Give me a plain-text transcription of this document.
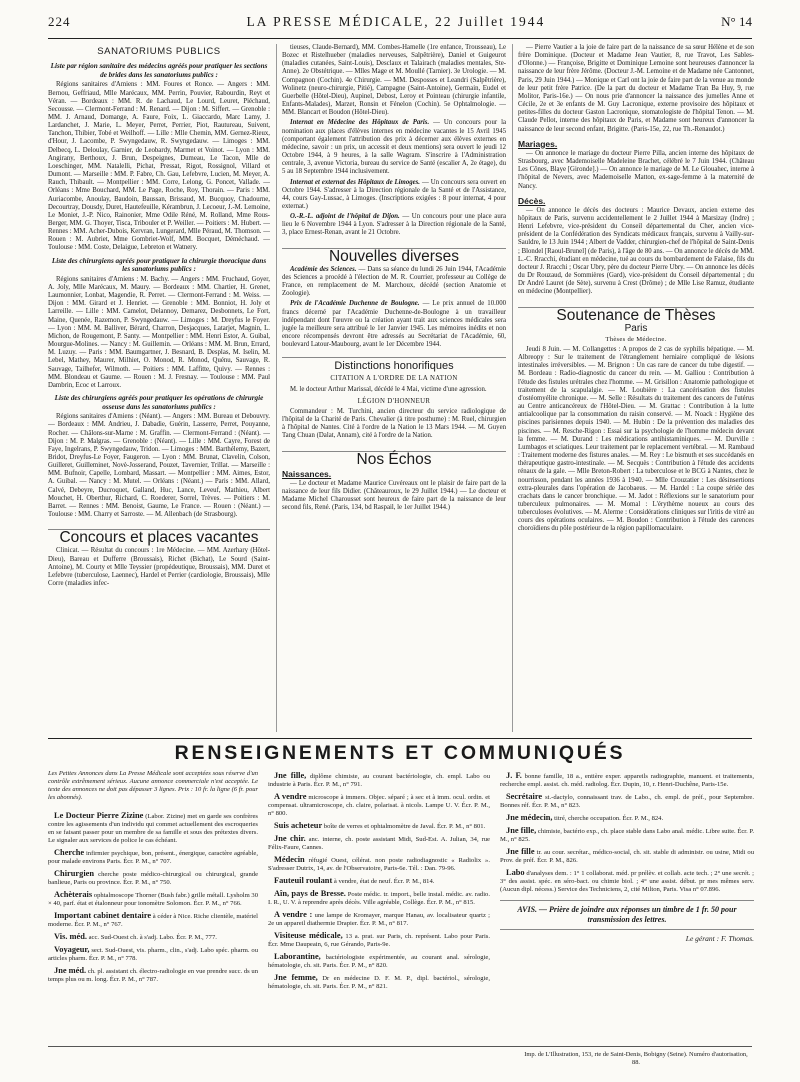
224	LA PRESSE MÉDICALE, 22 Juillet 1944	N° 14
SANATORIUMS PUBLICS
Liste par région sanitaire des médecins agréés pour pratiquer les sections de brides dans les sanatoriums publics :

Régions sanitaires d'Amiens : MM. Foures et Ronce. — Angers : MM. Bernou, Geffriaud, Mlle Marécaux, MM. Perrin, Pouvier, Rabourdin, Reyt et Véran. — Bordeaux : MM. R. de Lachaud, Le Lourd, Leuret, Piéchaud, Secousse. — Clermont-Ferrand : M. Renard. — Dijon : M. Siffert. — Grenoble : MM. J. Arnaud, Domange, A. Faure, Foix, L. Giaccardo, Marc Lamy, J. Lardanchet, J. Marie, L. Meyer, Perret, Perrier, Piot, Rautureau, Suivent, Tanchon, Thibier, Tobé et Weilhoff. — Lille : Mlle Chemin, MM. Gernez-Rieux, d'Hour, J. Lacombe, P. Swyngedauw, R. Swyngedauw. — Limoges : MM. Delbecq, L. Deloulay, Garnier, de Leobardy, Marmet et Voinot. — Lyon : MM. Angirany, Berthoux, J. Brun, Despeignes, Dumeau, Le Tacon, Mlle de Loeschinger, MM. Natalelli, Pichat, Pressat, Rigot, Rossignol, Villard et Dumont. — Marseille : MM. P. Fabre, Ch. Gau, Lefebvre, Lucien, M. Meyer, A. Rauch, Thibault. — Montpellier : MM. Corre, Lelong, G. Poncet, Vallade. — Orléans : Mme Bouchard, MM. Le Page, Roche, Roy, Thorain. — Paris : MM. Auriacombe, Anoulay, Baudoin, Baussan, Brissaud, M. Bucquoy, Chadourne, Decourtray, Dousdy, Duret, Hautefeuille, Kérambrun, J. Lecoeur, J.-M. Lemoine, Le Moniet, J.-P. Nico, Rainonier, Mme Odile Réné, M. Rolland, Mme Rous-Berger, MM. G. Thoyer, Tisca, Tribouler et P. Weiller. — Poitiers : M. Hubert. — Rennes : MM. Acher-Dubois, Kervran, Lungerard, Mlle Péraud, M. Thomson. — Rouen : M. Aubriet, Mme Gombriet-Wolf, MM. Bocquet, Déméchaud. — Toulouse : MM. Coste, Delaigue, Lebreton et Watnery.

Liste des chirurgiens agréés pour pratiquer la chirurgie thoracique dans les sanatoriums publics :

Régions sanitaires d'Amiens : M. Bachy. — Angers : MM. Fruchaud, Goyer, A. Joly, Mlle Marécaux, M. Maury. — Bordeaux : MM. Chartier, H. Grenet, Laumonnier, Lonbat, Magendie, R. Perret. — Clermont-Ferrand : M. Weiss. — Dijon : MM. Girard et J. Henriet. — Grenoble : MM. Bonniot, H. Joly et Larreille. — Lille : MM. Camelot, Delannoy, Demarez, Desbonnets, Le Fort, Maine, Quenée, Razemon, P. Swyngedauw. — Limoges : M. Dreyfus le Foyer. — Lyon : MM. M. Balliver, Bérard, Charron, Desjacques, Latarjet, Magnin, L. Michon, de Rougemont, P. Santy. — Montpellier : MM. Henri Estor, A. Guibal, Mourgue-Molines. — Nancy : M. Guillemin. — Orléans : MM. M. Brun, Errard, M. Luzuy. — Paris : MM. Baumgartner, J. Besnard, B. Desplas, M. Iselin, M. Lebel, Mathey, Maurer, Milhiet, O. Monod, R. Monod, Quénu, Sauvage, R. Sauvage, Tailhefer, Wilmoth. — Poitiers : MM. Laffitte, Quivy. — Rennes : MM. Blondeau et Gaume. — Rouen : M. J. Fresnay. — Toulouse : MM. Paul Dambrin, Ecoc et Larroux.

Liste des chirurgiens agréés pour pratiquer les opérations de chirurgie osseuse dans les sanatoriums publics :

Régions sanitaires d'Amiens : (Néant). — Angers : MM. Bureau et Debouvry. — Bordeaux : MM. Andrieu, J. Dabadie, Guérin, Lasserre, Perret, Pouyanne, Rocher. — Châlons-sur-Marne : M. Graffin. — Clermont-Ferrand : (Néant). — Dijon : M. P. Malgras. — Grenoble : (Néant). — Lille : MM. Cayre, Forest de Faye, Ingelrans, P. Swyngedauw, Tridon. — Limoges : MM. Barthélemy, Bazert, Bridot, Dreyfus-Le Foyer, Faugeron. — Lyon : MM. Brunat, Clavelin, Colson, Guilleret, Guilleminet, Novè-Josserand, Pouzet, Tavernier, Trillat. — Marseille : MM. Bufnoir, Capelle, Lombard, Massart. — Montpellier : MM. Aimes, Estor, A. Guibal. — Nancy : M. Mutel. — Orléans : (Néant.) — Paris : MM. Allard, Calvé, Debeyre, Ducroquet, Galland, Huc, Lance, Leveuf, Mathieu, Albert Mouchet, H. Oberthur, Richard, C. Roederer, Sorrel, Trèves. — Poitiers : M. Barret. — Rennes : MM. Benoist, Gaume, Le France. — Rouen : (Néant.) — Toulouse : MM. Charry et Sarroste. — M. Allenbach (de Strasbourg).

Concours et places vacantes

Clinicat. — Résultat du concours : 1re Médecine. — MM. Azerhary (Hôtel-Dieu), Bareau et Dufferre (Broussais), Richet (Bichat), Le Sourd (Saint-Antoine), M. Courty et Mlle Teyssier (propédeutique, Broussais), MM. Duret et Lefebvre (tuberculose, Laennec), Hardel et Perrier (cardiologie, Broussais), Mlle Corre (maladies infec-

tieuses, Claude-Bernard), MM. Combes-Hamelle (1re enfance, Trousseau), Le Bozec et Ristelhueber (maladies nerveuses, Salpêtrière), Daniel et Guigeurot (maladies cutanées, Saint-Louis), Desclaux et Talairach (maladies mentales, Ste-Anne). 2e Obstétrique. — Mlles Mage et M. Moullé (Tarnier). 3e Urologie. — M. Compagnon (Cochin). 4e Chirurgie. — MM. Desposses et Leandri (Salpêtrière), Wolinetz (neuro-chirurgie, Pitié), Campagne (Saint-Antoine), Germain, Eudel et Guerbelle (Hôtel-Dieu), Aupinel, Debost, Leroy et Pointeau (chirurgie infantile, Enfants-Malades), Marzet, Ronsin et Fénelon (Cochin). 5e Ophtalmologie. — MM. Blancart et Boudon (Hôtel-Dieu).

Internat en Médecine des Hôpitaux de Paris. — Un concours pour la nomination aux places d'élèves internes en médecine vacantes le 15 Avril 1945 (comportant également l'attribution des prix à décerner aux élèves externes en médecine, savoir : un prix, un accessit et deux mentions) sera ouvert le jeudi 12 Octobre 1944, à 9 heures, à la salle Wagram. S'inscrire à l'Administration centrale, 3, avenue Victoria, bureau du service de Santé (escalier A, 2e étage), du 5 au 18 Septembre 1944 inclusivement.

Internat et externat des Hôpitaux de Limoges. — Un concours sera ouvert en Octobre 1944. S'adresser à la Direction régionale de la Santé et de l'Assistance, 44, cours Gay-Lussac, à Limoges. (Inscriptions exigées : 8 pour internat, 4 pour externat.)

O.-R.-L. adjoint de l'hôpital de Dijon. — Un concours pour une place aura lieu le 6 Novembre 1944 à Lyon. S'adresser à la Direction régionale de la Santé, 3, place Ernest-Renan, avant le 21 Octobre.

Nouvelles diverses

Académie des Sciences. — Dans sa séance du lundi 26 Juin 1944, l'Académie des Sciences a procédé à l'élection de M. R. Courrier, professeur au Collège de France, en remplacement de M. Marchoux, décédé (section Anatomie et Zoologie).

Prix de l'Académie Duchenne de Boulogne. — Le prix annuel de 10.000 francs décerné par l'Académie Duchenne-de-Boulogne à un travailleur indépendant dont l'œuvre ou la création ayant trait aux sciences médicales sera jugée la meilleure sera attribué le 1er Janvier 1945. Les mémoires inédits et non encore récompensés devront être adressés au Secrétariat de l'Académie, 60, boulevard Latour-Maubourg, avant le 1er Décembre 1944.

Distinctions honorifiques
CITATION A L'ORDRE DE LA NATION

M. le docteur Arthur Marissal, décédé le 4 Mai, victime d'une agression.

LÉGION D'HONNEUR

Commandeur : M. Turchini, ancien directeur du service radiologique de l'hôpital de la Charité de Paris. Chevalier (à titre posthume) : M. Ruel, chirurgien à l'hôpital de Nantes. Cité à l'ordre de la Nation le 13 Mars 1944. — M. Guyen Tang Chuan (Dalat, Annam), cité à l'ordre de la Nation.

Nos Échos
Naissances.

— Le docteur et Madame Maurice Cuvéreaux ont le plaisir de faire part de la naissance de leur fils Didier. (Châteauroux, le 29 Juillet 1944.) — Le docteur et Madame Michel Charousset sont heureux de faire part de la naissance de leur second fils, René. (Paris, 134, bd Raspail, le 1er Juillet 1944.)

— Pierre Vautier a la joie de faire part de la naissance de sa sœur Hélène et de son frère Dominique. (Docteur et Madame Jean Vautier, 8, rue Travot, Les Sables-d'Olonne.) — Françoise, Brigitte et Dominique Lemoine sont heureuses d'annoncer la naissance de leur frère Jérôme. (Docteur J.-M. Lemoine et de Madame née Cantonnet, Paris, 29 Juin 1944.) — Monique et Carl ont la joie de faire part de la venue au monde de leur petit frère Patrice. (De la part du docteur et Madame Tran Ba Huy, 9, rue Molitor, Paris-16e.) — On nous prie d'annoncer la naissance des jumelles Anne et Cécile, 2e et 3e enfants de M. Guy Lacronique, externe provisoire des hôpitaux et petites-filles du docteur Gaston Lacronique, stomatologiste de l'hôpital Tenon. — M. Claude Pellot, interne des hôpitaux de Paris, et Madame sont heureux d'annoncer la naissance de leur second enfant, Brigitte. (Paris-15e, 22, rue Th.-Renaudot.)

Mariages.

— On annonce le mariage du docteur Pierre Pilla, ancien interne des hôpitaux de Strasbourg, avec Mademoiselle Madeleine Brachet, célébré le 7 Juin 1944. (Château Les Cônes, Blaye [Gironde].) — On annonce le mariage de M. Le Glouahec, interne à l'hôpital de Nevers, avec Mademoiselle Matton, ex-sage-femme à la maternité de Nancy.

Décès.

— On annonce le décès des docteurs : Maurice Devaux, ancien externe des hôpitaux de Paris, survenu accidentellement le 2 Juillet 1944 à Marsizay (Indre) ; Henri Lefebvre, vice-président du Conseil départemental du Cher, ancien vice-président de la Confédération des Syndicats médicaux français, survenu à Vailly-sur-Sauldre, le 13 Juin 1944 ; Albert de Vadder, chirurgien-chef de l'hôpital de Saint-Denis ; Blondel [Raoul-Brunel] (de Paris), à l'âge de 80 ans. — On annonce le décès de MM. L.-C. Rracchi, étudiant en médecine, tué au cours du bombardement de Falaise, fils du docteur J. Rracchi ; Oscar Ubry, père du docteur Pierre Ubry. — On annonce les décès du Dr Rouzaud, de Sommières (Gard), vice-président du Conseil départemental ; du Dr André Lauret (de Sète), survenu à Crest (Drôme) ; de Mlle Lise Ramuz, étudiante en médecine (Montpellier).

Soutenance de Thèses
Paris
Thèses de Médecine.

Jeudi 8 Juin. — M. Collangettes : A propos de 2 cas de syphilis hépatique. — M. Albreopy : Sur le traitement de l'étranglement herniaire compliqué de lésions intestinales irréversibles. — M. Brignon : Un cas rare de cancer du tube digestif. — M. Bordeau : Radio-diagnostic du cancer du rein. — M. Galliou : Contribution à l'étude des fistules urétrales chez l'homme. — M. Grisillon : Anatomie pathologique et traitement de la scapulalgie. — M. Loubière : La cancérisation des fistules d'ostéomyélite chronique. — M. Selle : Résultats du traitement des cancers de l'utérus au Centre anticancéreux de l'Hôtel-Dieu. — M. Grattac : Contribution à la lutte antialcoolique par la consommation du raisin conservé. — M. Noack : Hygiène des piscines parisiennes depuis 1940. — M. Hubin : De la prévention des maladies des piscines. — M. Resche-Rigon : Essai sur la psychologie de l'homme médecin devant la femme. — M. Durand : Les médications antihistaminiques. — M. Durville : Lumbagos et sciatiques. Leur traitement par le replacement vertébral. — M. Rambaud : Traitement moderne des fistures anales. — M. Rey : Le bismuth et ses succédanés en thérapeutique gastro-intestinale. — M. Secquès : Contribution à l'étude des accidents rénaux de la gale. — Mlle Breton-Robert : La tuberculose et le BCG à Nantes, chez le nourrisson, pendant les années 1936 à 1940. — Mlle Crouzatier : Les désinsertions extra-pleurales dans l'opération de Jacobaeus. — M. Hardel : La coupe sériée des crachats dans le cancer bronchique. — M. Jadot : Réflexions sur le sanatorium pour tuberculeux pulmonaires. — M. Momal : L'érythème noueux au cours des tuberculoses évolutives. — M. Alerme : Considérations cliniques sur l'iritis de vitré au cours des opérations oculaires. — M. Boudon : Contribution à l'étude des carences choroïdiens du pôle postérieur de la région papillomaculaire.

RENSEIGNEMENTS ET COMMUNIQUÉS
Les Petites Annonces dans La Presse Médicale sont acceptées sous réserve d'un contrôle extrêmement sérieux. Aucune annonce commerciale n'est acceptée. Le texte des annonces ne doit pas dépasser 3 lignes. Prix : 10 fr. la ligne (6 fr. pour les abonnés).

Le Docteur Pierre Zizine (Labor. Zizine) met en garde ses confrères contre les agissements d'un individu qui commet actuellement des escroqueries en se faisant passer pour un membre de sa famille et sous des prétextes divers. Le signaler aux services de police le cas échéant.

Cherche infirmier psychique, bon, présent., énergique, caractère agréable, pour malade environs Paris. Écr. P. M., n° 707.

Chirurgien cherche poste médico-chirurgical ou chirurgical, grande banlieue, Paris ou province. Écr. P. M., n° 750.

Achèterais ophtalmoscope Thorner (Bush fabr.) grille métall. Lysholm 30 × 40, parf. état et étalonneur pour ionomètre Solomon. Écr. P. M., n° 766.

Important cabinet dentaire à céder à Nice. Riche clientèle, matériel moderne. Écr. P. M., n° 767.

Vis. méd. acc. Sud-Ouest ch. à s'adj. Labo. Écr. P. M., 777.

Voyageur, sect. Sud-Ouest, vis. pharm., clin., s'adj. Labo spéc. pharm. ou articles pharm. Écr. P. M., n° 778.

Jne méd. ch. pl. assistant ch. électro-radiologie en vue prendre succ. ds un temps plus ou m. long. Écr. P. M., n° 787.

Jne fille, diplôme chimiste, au courant bactériologie, ch. empl. Labo ou industrie à Paris. Écr. P. M., n° 791.

A vendre microscope à immers. Objec. séparé ; à sec et à imm. ocul. ordin. et compensat. ultramicroscope, ch. claire, polarisat. à nicols. Lampe U. V. Écr. P. M., n° 800.

Suis acheteur boîte de verres et ophtalmomètre de Javal. Écr. P. M., n° 801.

Jne chir. anc. interne, ch. poste assistant Midi, Sud-Est. A. Julian, 34, rue Félix-Faure, Cannes.

Médecin réfugié Ouest, célérat. non poste radiodiagnostic « Radiolix ». S'adresser Dutrix, 14, av. de l'Observatoire, Paris-6e. Tél. : Dan. 79-96.

Fauteuil roulant à vendre, état de neuf. Écr. P. M., 814.

Aîn, pays de Bresse. Poste médic. tr. import., belle instal. médic. av. radio. I. R., U. V. à reprendre après décès. Ville agréable, Collège. Écr. P. M., n° 815.

A vendre : une lampe de Kromayer, marque Hanau, av. localisateur quartz ; 2e un appareil diathermie Drapier. Écr. P. M., n° 817.

Visiteuse médicale, 13 a. prat. sur Paris, ch. représent. Labo pour Paris. Écr. Mme Daupeain, 6, rue Gérando, Paris-9e.

Laborantine, bactériologiste expérimentée, au courant anal. sérologie, hématologie, ch. sit. Paris. Écr. P. M., n° 820.

Jne femme, Dr en médecine D. F. M. P., dipl. bactériol., sérologie, hématologie, ch. sit. Paris. Écr. P. M., n° 821.

J. F. bonne famille, 18 a., entière exper. appareils radiographie, manuent. et traitements, recherche empl. assist. ch. méd. radiolog. Écr. Dupin, 10, r. Henri-Duchêne, Paris-15e.

Secrétaire st.-dactylo, connaissant trav. de Labo., ch. empl. de préf., pour Septembre. Bonnes réf. Écr. P. M., n° 823.

Jne médecin, titré, cherche occupation. Écr. P. M., 824.

Jne fille, chimiste, bactério exp., ch. place stable dans Labo anal. médic. Libre suite. Écr. P. M., n° 825.

Jne fille tr. au cour. secrétar., médico-social, ch. sit. stable di administr. ou usine, Midi ou Prov. de préf. Écr. P. M., 826.

Labo d'analyses dem. : 1° 1 collaborat. méd. pr prélèv. et collab. acte tech. ; 2° une secrét. ; 3° des assist. spéc. en séro-bact. ou chimie biol. ; 4° une assist. début. pr mes mêmes serv. (Aucun dipl. nécess.) Service des Techniciens, 2, cité Milton, Paris. Visa n° 07.896.

AVIS. — Prière de joindre aux réponses un timbre de 1 fr. 50 pour transmission des lettres.
Le gérant : F. Thomas.
Imp. de L'Illustration, 153, rte de Saint-Denis, Bobigny (Seine). Numéro d'autorisation, 88.
